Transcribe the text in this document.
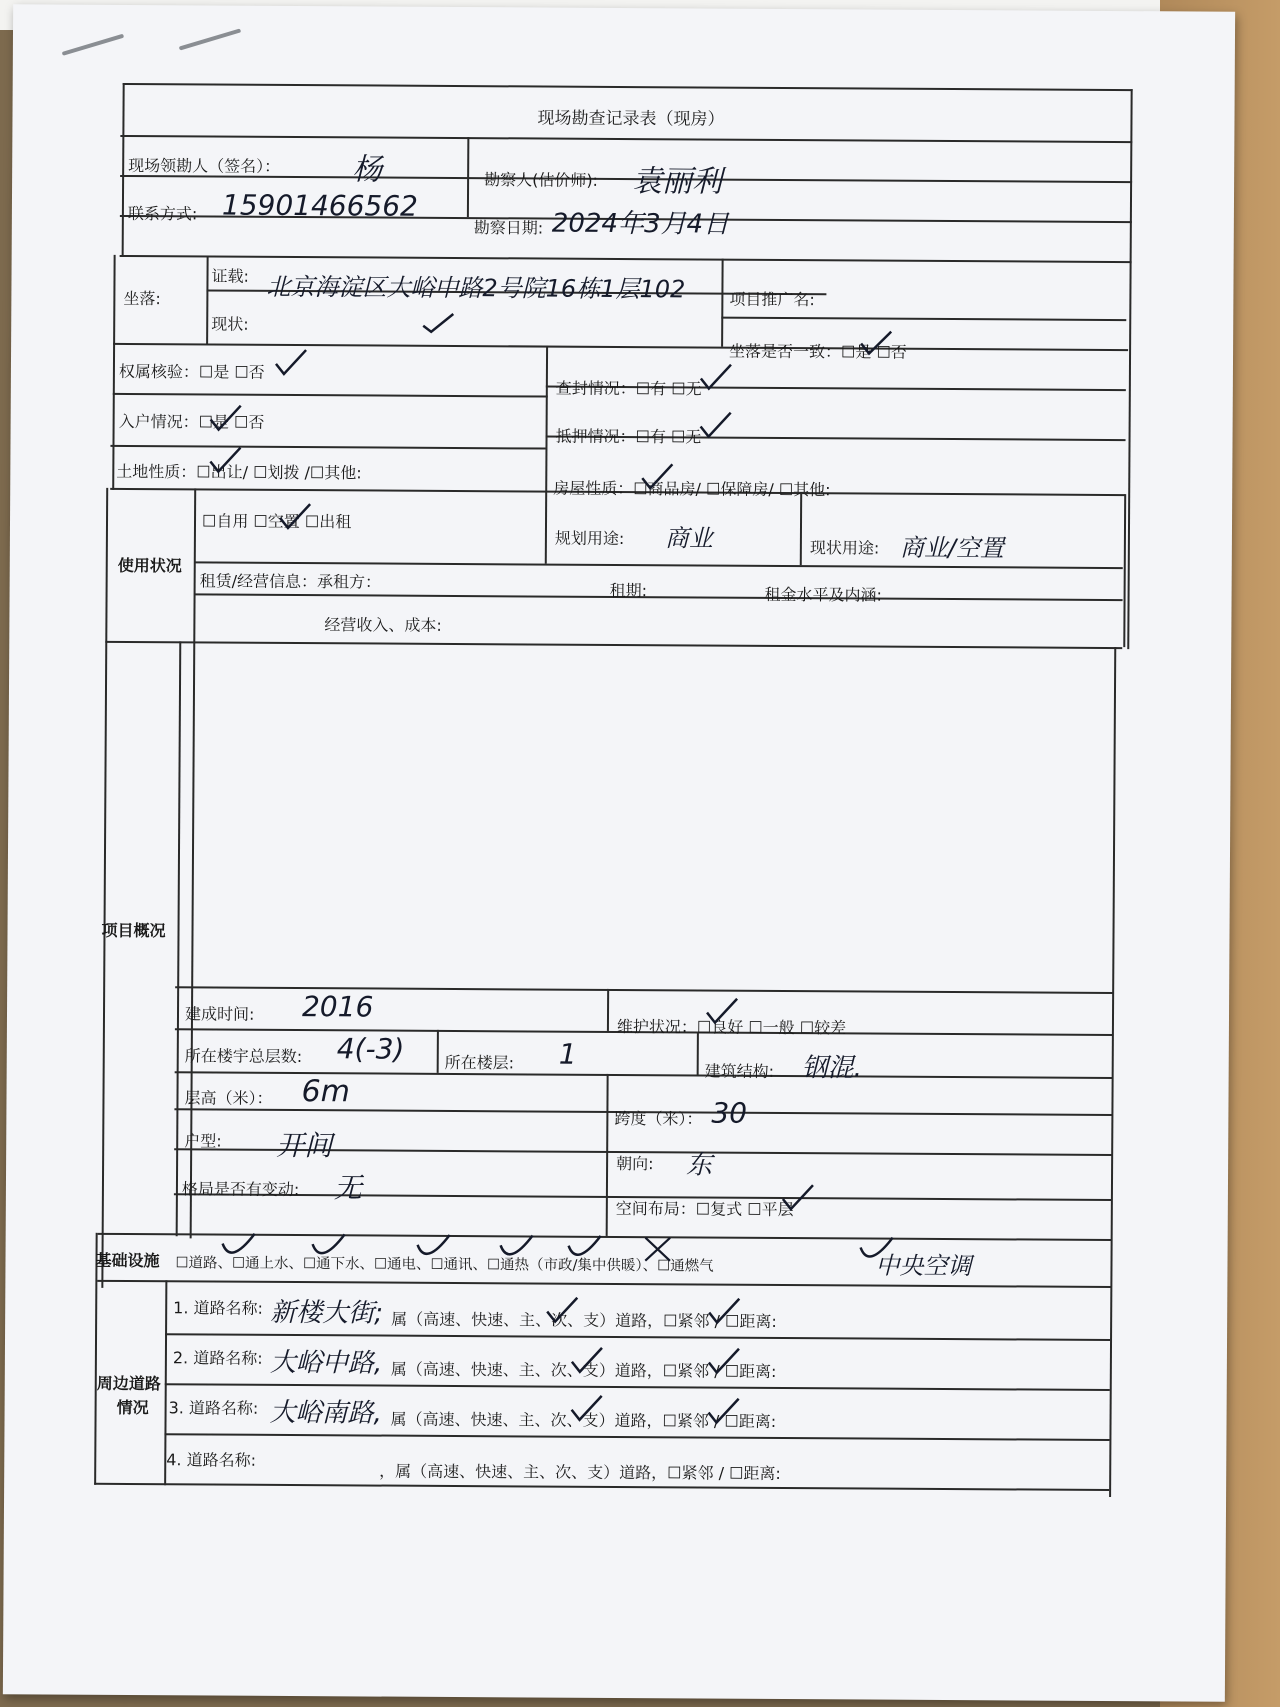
现场勘查记录表（现房）
现场领勘人（签名）： 杨	勘察人(估价师): 袁丽利
联系方式: 15901466562
勘察日期: 2024年3月4日
坐落:
证载: 北京海淀区大峪中路2号院16栋1层102
现状:
项目推广名:
坐落是否一致：☐是 ☐否
权属核验：☐是 ☐否
查封情况：☐有 ☐无
入户情况：☐是 ☐否
抵押情况：☐有 ☐无
土地性质：☐出让/ ☐划拨 /☐其他:
房屋性质：☐商品房/ ☐保障房/ ☐其他:
使用状况
☐自用 ☐空置 ☐出租
规划用途: 商业	现状用途: 商业/空置
租赁/经营信息：承租方：	租期:	租金水平及内涵:
经营收入、成本:
项目概况
建成时间: 2016
维护状况：☐良好 ☐一般 ☐较差
所在楼宇总层数: 4(-3)	所在楼层: 1
建筑结构: 钢混.
层高（米）： 6m
跨度（米）： 30
户型: 开间
朝向: 东
格局是否有变动: 无
空间布局：☐复式 ☐平层
基础设施 ☐道路、☐通上水、☐通下水、☐通电、☐通讯、☐通热（市政/集中供暖）、☐通燃气	中央空调
周边道路
情况
1. 道路名称: 新楼大街; 属（高速、快速、主、次、支）道路，☐紧邻 / ☐距离:
2. 道路名称: 大峪中路, 属（高速、快速、主、次、支）道路，☐紧邻 / ☐距离:
3. 道路名称: 大峪南路, 属（高速、快速、主、次、支）道路，☐紧邻 / ☐距离:
4. 道路名称:
，属（高速、快速、主、次、支）道路，☐紧邻 / ☐距离:
